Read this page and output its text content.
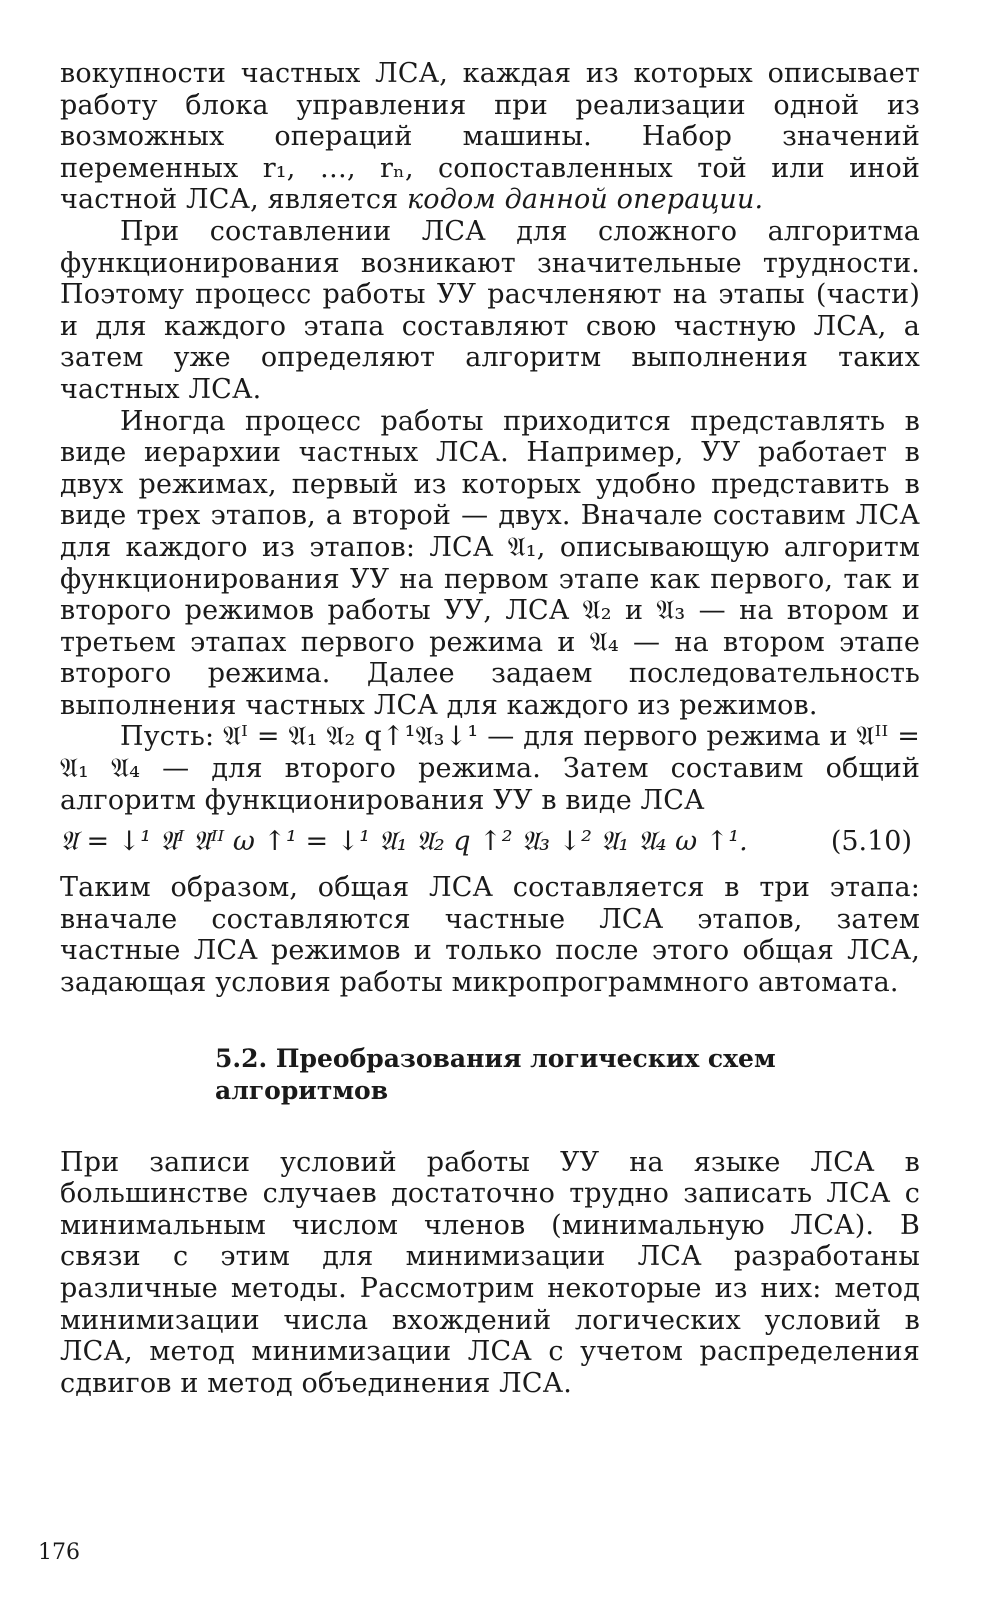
вокупности частных ЛСА, каждая из которых описывает работу блока управления при реализации одной из возможных операций машины. Набор значений переменных r₁, …, rₙ, сопоставленных той или иной частной ЛСА, является кодом данной операции.

При составлении ЛСА для сложного алгоритма функционирования возникают значительные трудности. Поэтому процесс работы УУ расчленяют на этапы (части) и для каждого этапа составляют свою частную ЛСА, а затем уже определяют алгоритм выполнения таких частных ЛСА.

Иногда процесс работы приходится представлять в виде иерархии частных ЛСА. Например, УУ работает в двух режимах, первый из которых удобно представить в виде трех этапов, а второй — двух. Вначале составим ЛСА для каждого из этапов: ЛСА 𝔄₁, описывающую алгоритм функционирования УУ на первом этапе как первого, так и второго режимов работы УУ, ЛСА 𝔄₂ и 𝔄₃ — на втором и третьем этапах первого режима и 𝔄₄ — на втором этапе второго режима. Далее задаем последовательность выполнения частных ЛСА для каждого из режимов.

Пусть: 𝔄ᴵ = 𝔄₁ 𝔄₂ q↑¹𝔄₃↓¹ — для первого режима и 𝔄ᴵᴵ = 𝔄₁ 𝔄₄ — для второго режима. Затем составим общий алгоритм функционирования УУ в виде ЛСА

𝔄 = ↓¹ 𝔄ᴵ 𝔄ᴵᴵ ω ↑¹ = ↓¹ 𝔄₁ 𝔄₂ q ↑² 𝔄₃ ↓² 𝔄₁ 𝔄₄ ω ↑¹.	(5.10)

Таким образом, общая ЛСА составляется в три этапа: вначале составляются частные ЛСА этапов, затем частные ЛСА режимов и только после этого общая ЛСА, задающая условия работы микропрограммного автомата.

5.2. Преобразования логических схем
алгоритмов

При записи условий работы УУ на языке ЛСА в большинстве случаев достаточно трудно записать ЛСА с минимальным числом членов (минимальную ЛСА). В связи с этим для минимизации ЛСА разработаны различные методы. Рассмотрим некоторые из них: метод минимизации числа вхождений логических условий в ЛСА, метод минимизации ЛСА с учетом распределения сдвигов и метод объединения ЛСА.

176
